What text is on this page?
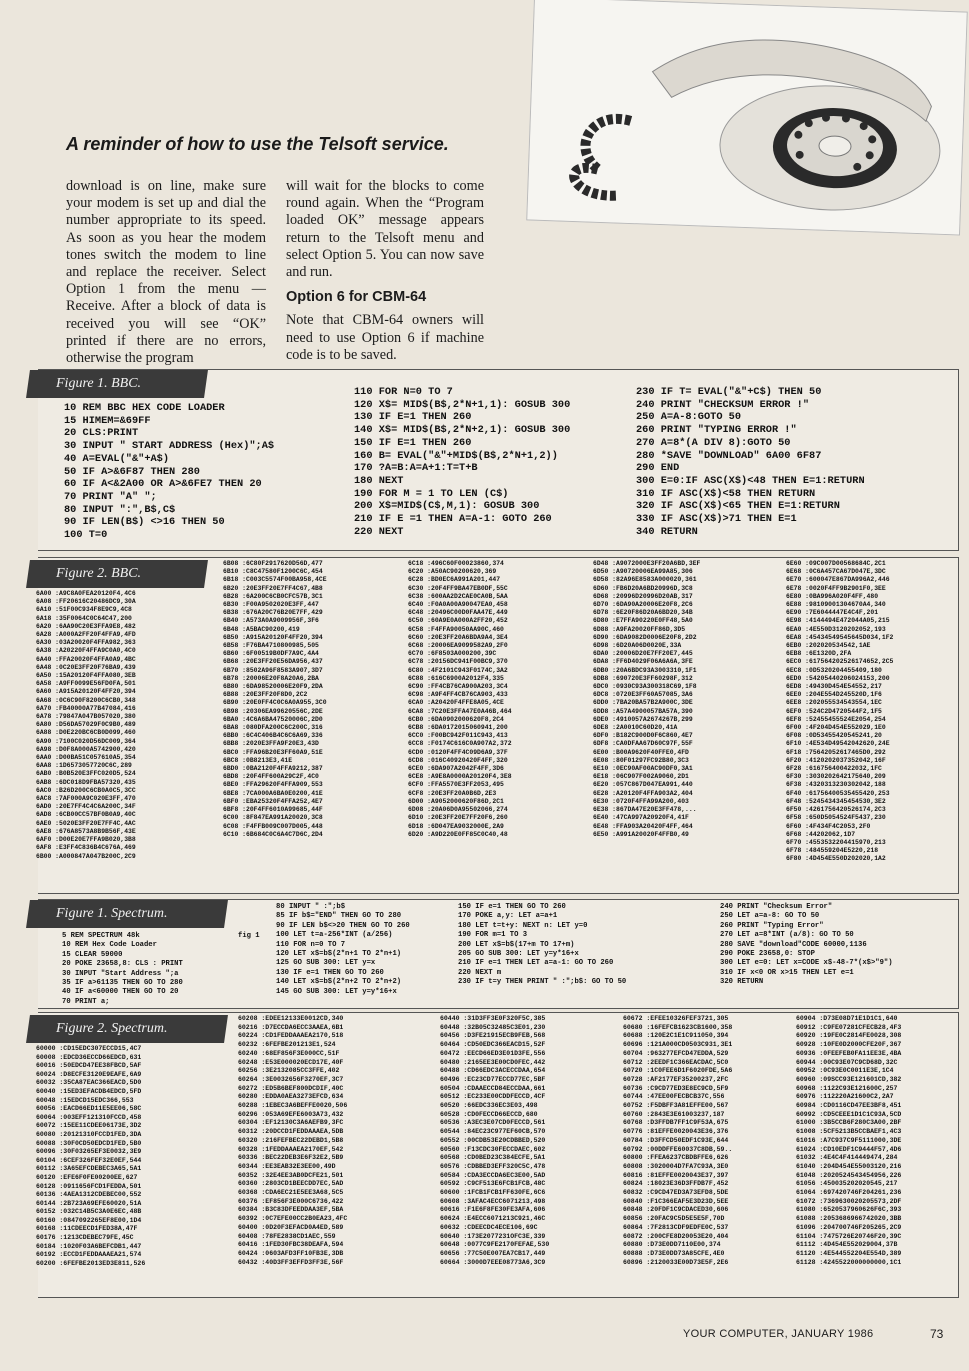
A reminder of how to use the Telsoft service.
download is on line, make sure your modem is set up and dial the number appropriate to its speed. As soon as you hear the modem tones switch the modem to line and replace the receiver. Select Option 1 from the menu — Receive. After a block of data is received you will see “OK” printed if there are no errors, otherwise the program
will wait for the blocks to come round again. When the “Program loaded OK” message appears return to the Telsoft menu and select Option 5. You can now save and run.
Option 6 for CBM-64
Note that CBM-64 owners will need to use Option 6 if machine code is to be saved.
Figure 1. BBC.
10 REM BBC HEX CODE LOADER
15 HIMEM=&69FF
20 CLS:PRINT
30 INPUT " START ADDRESS (Hex)";A$
40 A=EVAL("&"+A$)
50 IF A>&6F87 THEN 280
60 IF A<&2A00 OR A>&6FE7 THEN 20
70 PRINT "A" ";
80 INPUT ":",B$,C$
90 IF LEN(B$) <>16 THEN 50
100 T=0
110 FOR N=0 TO 7
120 X$= MID$(B$,2*N+1,1): GOSUB 300
130 IF E=1 THEN 260
140 X$= MID$(B$,2*N+2,1): GOSUB 300
150 IF E=1 THEN 260
160 B= EVAL("&"+MID$(B$,2*N+1,2))
170 ?A=B:A=A+1:T=T+B
180 NEXT
190 FOR M = 1 TO LEN (C$)
200 X$=MID$(C$,M,1): GOSUB 300
210 IF E =1 THEN A=A-1: GOTO 260
220 NEXT
230 IF T= EVAL("&"+C$) THEN 50
240 PRINT "CHECKSUM ERROR !"
250 A=A-8:GOTO 50
260 PRINT "TYPING ERROR !"
270 A=8*(A DIV 8):GOTO 50
280 *SAVE "DOWNLOAD" 6A00 6F87
290 END
300 E=0:IF ASC(X$)<48 THEN E=1:RETURN
310 IF ASC(X$)<58 THEN RETURN
320 IF ASC(X$)<65 THEN E=1:RETURN
330 IF ASC(X$)>71 THEN E=1
340 RETURN
Figure 2. BBC.
6A00 :A9C8A0FEA20120F4,4C6
6A08 :FF20616C20486DC9,30A
6A10 :51F00C934F8E9C9,4C8
6A18 :35F0064C0C64C47,200
6A20 :6AA90C20E3FFA9E8,482
6A28 :A000A2FF20F4FFA9,4FD
6A30 :03A20020F4FFA982,363
6A38 :A20220F4FFA9C0A0,4C0
6A40 :FFA20020F4FFA0A9,4BC
6A48 :0C20E3FF20F76BA9,439
6A50 :15A20120F4FFA080,3EB
6A58 :A9FF0099E56FD0FA,501
6A60 :A915A20120F4FF20,394
6A68 :0C6C90F8200C6CB0,348
6A70 :FB40000A77B47084,416
6A78 :79847A047B057020,380
6A80 :D56DA57029F0C9B0,489
6A88 :D0E220BC6CB0D099,460
6A90 :7100C020D56DC009,364
6A98 :D0F8A000A5742900,420
6AA0 :D00BA51C057610A5,354
6AA8 :1D6573057720C6C,289
6AB0 :B0B520E3FFC020D5,524
6AB8 :6DC018D9FBA57320,435
6AC0 :B26D200C6CB0A0C5,3CC
6AC8 :7AF000A9C020E3FF,470
6AD0 :20E7FF4C4C6A200C,34F
6AD8 :6CB00CC57BF0B0A9,40C
6AE0 :5020E3FF20E7FF4C,4AC
6AE8 :676A8573A8B9B56F,43E
6AF0 :D00E20E7FFA9B020,3B8
6AF8 :E3FF4C836B4C676A,469
6B00 :A000847A047B200C,2C9
6B08 :6C80F2917620D56D,477
6B10 :C8C47580F1200C6C,454
6B18 :C003C5574F00BA958,4CE
6B20 :20E3FF20E7FF4C67,4B8
6B28 :6A200C6CB0CFC57B,3C1
6B30 :F00A9502020E3FF,447
6B38 :676A20C76B20E7FF,429
6B40 :A573A0A9009956F,3F6
6B48 :A5BAC90200,419
6B50 :A915A20120F4FF20,394
6B58 :F76BA4710800985,505
6B60 :6F00519B0DF7A9C,4A4
6B68 :20E3FF20E56DA956,437
6B70 :8502A96F8583A907,3D7
6B78 :20006E20F8A20A6,2BA
6B80 :6DA98520006E20F9,2DA
6B88 :20E3FF20F8D0,2C2
6B90 :20E0FF4C0C6A0A955,3C0
6B98 :20306EA99620556C,2DE
6BA0 :4C6A6BA47520006C,2D0
6BA8 :080DFA200C6C200C,316
6BB0 :6C4C406B4C6C6A69,336
6BB8 :2020E3FFA9F20E3,43D
6BC0 :FFA96B20E3FF60A9,51E
6BC8 :0B8213E3,41E
6BD0 :0BA2120F4FFA9212,387
6BD8 :20F4FF600A29C2F,4C0
6BE0 :FFA29620F4FFA909,553
6BE8 :7CA000A6BA0E0200,41E
6BF0 :EBA25320F4FFA252,4E7
6BF8 :20F4FF6010A99685,44F
6C00 :8F847EA991A20020,3C8
6C08 :F4FFB009C007D005,448
6C10 :6B684C0C6A4C7D6C,2D4
6C18 :496C60F00023860,374
6C20 :A50AC90200620,369
6C28 :BD0EC6A991A201,447
6C30 :20F4FF9BA47EB0DF,55C
6C38 :600AA2D2CAE0CA0B,5AA
6C40 :F0A0A00A90047EA0,458
6C48 :20496C00D0FAA47E,449
6C50 :60A9E0A000A2FF20,452
6C58 :F4FFA90050AA90C,460
6C60 :20E3FF20A6BDA9A4,3E4
6C68 :20006EA9099582A9,2F0
6C70 :6F8503A000200,39C
6C78 :20156DC941F00BC9,370
6C80 :4F2101C943F0174C,3A2
6C88 :616C6900A2012F4,335
6C90 :FF4CB76CA900A203,3C4
6C98 :A9F4FF4CB76CA903,433
6CA0 :A20420F4FFE8A05,4CE
6CA8 :7C20E3FFA47E0A46B,464
6CB0 :6DA0902000620F8,2C4
6CB8 :6DA0172015060941,200
6CC0 :F00BC942F011C943,413
6CC8 :F0174C616C0A907A2,372
6CD0 :0120F4FF4C09D6A9,37F
6CD8 :016C40920420F4FF,320
6CE0 :6DA907A2042F4FF,3D6
6CE8 :A9E8A0000A20120F4,3E8
6CF0 :FFA5570E3FF2053,495
6CF8 :20E3FF20A0B6D,2E3
6D00 :A9052000620F86D,2C1
6D08 :20A06D0A95502066,274
6D10 :20E3FF20E7FF20F6,260
6D18 :6D047EA9032000E,2A9
6D20 :A9D220E0FF85C0C40,48
6D48 :A9072000E3FF20A6BD,3EF
6D50 :A90720006EA99A85,306
6D58 :82A96E8583A000020,361
6D60 :FB6D20A6BD20996D,3C8
6D68 :20996D20996D20AB,317
6D70 :6DA90A20006E20F8,2C6
6D78 :6E20F86D20A6BD20,34B
6D80 :E7FFA90220E0FF48,5A0
6D88 :A9FA20020FF86D,3D5
6D90 :6DA9082D0006E20F8,2D2
6D98 :6D20A06D0020E,33A
6DA0 :20006D20E7FF20E7,445
6DA8 :FF6D4029F06A6A6A,3FE
6DB0 :20A6BDC93A3003310,1F1
6DB8 :690720E3FF60298F,312
6DC0 :0930C93A300318C69,1F8
6DC8 :0720E3FF60A57085,3A6
6DD0 :7BA20BA57B2A900C,3DE
6DD8 :A57A4900057BA57A,390
6DE0 :4910057A2674267B,299
6DE8 :2A0010C60D20,41A
6DF0 :B182C900D0F6C860,4E7
6DF8 :CA0DFAA67D60C97F,55F
6E00 :B00A9620F40FFE0,4FD
6E08 :80F01297FC92B80,3C3
6E10 :0EC90AF00AC90DF0,3A1
6E18 :06C907F002A9060,2D1
6E20 :057C867D047EA991,440
6E28 :A20120F4FFA903A2,404
6E30 :0720F4FFA99A200,403
6E38 :867DA47E20E3FF478,...
6E40 :47CA997A20920F4,41F
6E48 :FFA903A20420F4FF,464
6E50 :A991A20020F4FFB0,49
6E60 :09C007D00568684C,2C1
6E68 :0C6A457CA67D047E,3DC
6E70 :600047E867DA996A2,446
6E78 :0020F4FF9B2901F0,3EE
6E80 :0BA996A020F4FF,480
6E88 :98109001304670A4,340
6E90 :7E6044447E4C4F,201
6E98 :4144494E472044A05,215
6EA0 :4E550D3120202052,193
6EA8 :45434549545645D034,1F2
6EB0 :202020534542,1AE
6EB8 :6E1320D,2FA
6EC0 :617564202526174652,2C5
6EC8 :0D5320204455409,180
6ED0 :54205440206024153,200
6ED8 :49430D454E54552,217
6EE0 :204E554D245520D,1F6
6EE8 :202055534543554,1EC
6EF0 :524C2D4720544F2,1F5
6EF8 :52455455524E2054,254
6F00 :4F204D454E552029,1E0
6F08 :0D53455420545241,20
6F10 :4E534D49542042620,24E
6F18 :75642052617465D0,292
6F20 :4120202037352042,16F
6F28 :616756400422032,1FC
6F30 :3030202642175640,209
6F38 :4320313230302042,188
6F40 :61756400535455420,253
6F48 :5245434345454530,3E2
6F50 :4261756420526174,2C3
6F58 :650D5054524F5437,230
6F60 :4F434F4C2053,2F0
6F68 :44202062,1D7
6F70 :4553532204415970,213
6F78 :484559204E5220,218
6F80 :4D454E550D202020,1A2
Figure 1. Spectrum.
fig 1
5 REM SPECTRUM 48k
10 REM Hex Code Loader
15 CLEAR 59000
20 POKE 23658,8: CLS : PRINT
30 INPUT "Start Address ";a
35 IF a>61135 THEN GO TO 280
40 IF a<60000 THEN GO TO 20
70 PRINT a;
80 INPUT " :";b$
85 IF b$="END" THEN GO TO 280
90 IF LEN b$<>20 THEN GO TO 260
100 LET t=a-256*INT (a/256)
110 FOR n=0 TO 7
120 LET x$=b$(2*n+1 TO 2*n+1)
125 GO SUB 300: LET y=x
130 IF e=1 THEN GO TO 260
140 LET x$=b$(2*n+2 TO 2*n+2)
145 GO SUB 300: LET y=y*16+x
150 IF e=1 THEN GO TO 260
170 POKE a,y: LET a=a+1
180 LET t=t+y: NEXT n: LET y=0
190 FOR m=1 TO 3
200 LET x$=b$(17+m TO 17+m)
205 GO SUB 300: LET y=y*16+x
210 IF e=1 THEN LET a=a-1: GO TO 260
220 NEXT m
230 IF t=y THEN PRINT " :";b$: GO TO 50
240 PRINT "Checksum Error"
250 LET a=a-8: GO TO 50
260 PRINT "Typing Error"
270 LET a=8*INT (a/8): GO TO 50
280 SAVE "download"CODE 60000,1136
290 POKE 23658,0: STOP
300 LET e=0: LET x=CODE x$-48-7*(x$>"9")
310 IF x<0 OR x>15 THEN LET e=1
320 RETURN
Figure 2. Spectrum.
60000 :CD15EDC307ECCD15,4C7
60008 :EDCD36ECCD66EDCD,631
60016 :50EDCD47EE38FBCD,5AF
60024 :D8ECFE3120E9EAFE,6A9
60032 :35CA87EAC366EACD,5D0
60040 :15ED3EFACDB4EDCD,5FD
60048 :15EDCD15EDC366,553
60056 :EACD66ED11E5EE06,58C
60064 :003EFF121310FCCD,458
60072 :15EE11CDEE06173E,3D2
60080 :20121310FCCD1FED,3DA
60088 :30F0CD50EDCD1FED,5B0
60096 :30F03265EF3E0032,3E9
60104 :6CEF326FEF32E0EF,544
60112 :3A65EFCDEBEC3A65,5A1
60120 :EFE6F0FE00200EE,627
60128 :0911656FCD1FEDDA,501
60136 :4AEA1312CDEBEC00,552
60144 :2B723A69EFE60020,51A
60152 :032C14B5C3A0E6EC,48B
60160 :0847092265EF8E00,1D4
60168 :11CDEECD1FED38A,47F
60176 :1213CDEBEC79FE,45C
60184 :1020F03A6BEFCDB1,447
60192 :ECCD1FEDDAAAEA21,574
60200 :6FEFBE2013ED3E811,526
60208 :EDEE12133E0012CD,340
60216 :D7ECCDA6ECC3AAEA,6B1
60224 :CD1FEDDAAAEA2170,518
60232 :6FEFBE201213E1,524
60240 :68EF856F3E000CC,51F
60248 :E53E000020ECD17E,40F
60256 :3E2132085CC3FFE,402
60264 :3E0032656F3270EF,3C7
60272 :ED5B6BEF800DCDIF,40C
60280 :EDDA0AEA3273EFCD,634
60288 :1EBEC3A6BEFFE0020,506
60296 :053A69EFE6003A73,432
60304 :EF12130C3A6AEFB9,3FC
60312 :20DCCD1FEDDAAAEA,5DB
60320 :216FEFBEC22DEBD1,5B8
60328 :1FEDDAAAEA2170EF,542
60336 :BEC22DEB3E6F32E2,5B9
60344 :EE3EAB32E3EE00,49D
60352 :32E4EE3AB0DCFE21,501
60360 :2803CD1BEECDD7EC,5AD
60368 :CDA6EC21E5EE3A68,5C5
60376 :EF856F3E000C6736,422
60384 :B3C83DFEEDDAA3EF,5BA
60392 :0C7EFE00CC2B0EA23,4FC
60400 :0D20F3EFACD0A4ED,589
60408 :78FE2838CD1AEC,559
60416 :1FED30FBC38DEAFA,594
60424 :0603AFD3FF10FB3E,3DB
60432 :40D3FF3EFFD3FF3E,56F
60440 :31D3FF3E0F320F5C,385
60448 :32B05C32485C3E01,230
60456 :D3FE21915ECB9FEB,568
60464 :CD50EDC366EACD15,52F
60472 :EECD66ED3E01D3FE,556
60480 :2165EE3E00CD0FEC,442
60488 :CD66EDC3ACECCDAA,654
60496 :EC23CD77ECCD77EC,5BF
60504 :CDAAECCD84ECCDAA,661
60512 :EC233E00CDDFECCD,4CF
60520 :66EDC336EC3E03,498
60528 :CD0FECCD66ECCD,680
60536 :A3EC3E07CD0FECCD,561
60544 :84EC23C977EF60CB,570
60552 :00CDB53E20CDBBED,520
60560 :F13CDC30FECCDAEC,602
60568 :CD0BED23C384ECFE,5A1
60576 :CDBBED3EFF320C5C,478
60584 :CDA3ECCDA6EC3E00,5AD
60592 :C9CF513E6FCB1FCB,48C
60600 :1FCB1FCB1FF630FE,6C6
60608 :3AFAC4ECC6071213,498
60616 :F1E6F8FE30FE3AFA,606
60624 :E4ECC6071213C921,46C
60632 :CDEECDC4ECE106,69C
60640 :173E2077231OFC3E,339
60648 :0077C9FE2170FEFAE,530
60656 :77C50E007EA7CB17,449
60664 :3000D7EEE08773A6,3C9
60672 :EFEE10326FEF3721,305
60680 :16FEFCB1623CB1600,358
60688 :120E2C1E1C911050,394
60696 :121A000CD0503C931,3E1
60704 :963277EFCD47EDDA,529
60712 :2EEDF1C366EACDAC,5C0
60720 :1C0FEE6D1F6020FDE,5A6
60728 :AF2177EF35200237,2FC
60736 :C9CD77ED3E8EC9CD,5F9
60744 :47EE00FECBCB37C,556
60752 :F5DBFF3A81EFFE00,567
60760 :2843E3E61003237,187
60768 :D3FFDB7FF1C9F53A,675
60776 :81EFFE0020043E36,376
60784 :D3FFCD50EDF1C93E,644
60792 :00DDFFE60037C8DB,59..
60800 :FFEA6237CBDBFFE6,626
60808 :3020004D7FA7C93A,3E0
60816 :81EFFE0020043E37,397
60824 :18023E36D3FFDB7F,452
60832 :C9CD47ED3A73EFD8,5DE
60840 :F1C366EAF5E3D23D,5EE
60848 :20FDF1C9CDACED30,606
60856 :20FAC9C5D5E5E5F,70D
60864 :7F2813CDF9EDFE0C,537
60872 :200CFE8D20053E20,404
60880 :D73E0DD7110E00,374
60888 :D73E0DD73A85CFE,4E0
60896 :2120033E00D73E5F,2E6
60904 :D73E08D71E1D1C1,640
60912 :C9FE07281CFECB28,4F3
60920 :19FE0C2814FE0028,308
60928 :10FE0D2000CFE20F,367
60936 :0FEEFEB0FA11EE3E,4BA
60944 :00C93E07C9CD68D,32C
60952 :0C93E0C0011E3E,1C4
60960 :09SCC93E121601CD,382
60968 :1122C93E121600C,257
60976 :112220A21600C2,2A7
60984 :CD0116CD47EE3BF8,451
60992 :CD5CEEE1D1C1C93A,5CD
61000 :3B5CCB6F280C3A00,2BF
61008 :5CF5213B5CCBAEF1,4C3
61016 :A7C937C9F5111000,3DE
61024 :CD10EDF1C9444F57,4D6
61032 :4E4C4F414449474,284
61040 :204D454E55003120,216
61048 :2020524543454956,226
61056 :450035202020545,217
61064 :697420746F204261,236
61072 :7369630020205573,2DF
61080 :6520537960626F6C,393
61088 :2053686966742020,3BB
61096 :204700746F205265,2C9
61104 :7475726E20746F20,39C
61112 :4D454E552029004,37B
61120 :4E544552204E554D,389
61128 :4245522000000000,1C1
YOUR COMPUTER, JANUARY 1986	73
